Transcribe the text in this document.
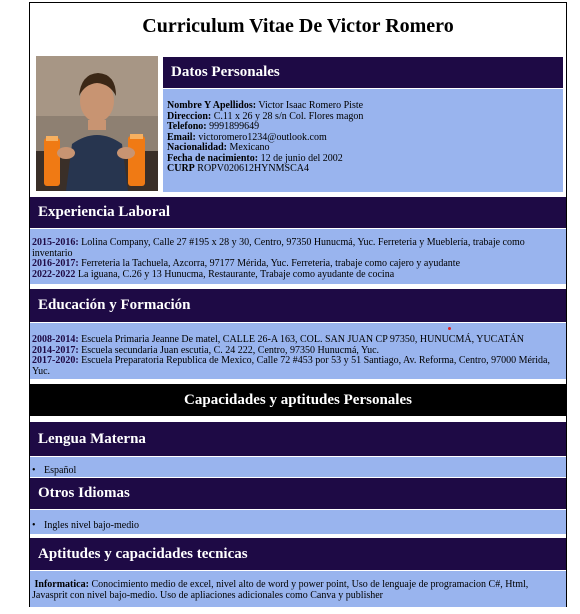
Curriculum Vitae De Victor Romero
Datos Personales
Nombre Y Apellidos: Victor Isaac Romero Piste
Direccion: C.11 x 26 y 28 s/n Col. Flores magon
Telefono: 9991899649
Email: victoromero1234@outlook.com
Nacionalidad: Mexicano
Fecha de nacimiento: 12 de junio del 2002
CURP ROPV020612HYNMSCA4
Experiencia Laboral
2015-2016: Lolina Company, Calle 27 #195 x 28 y 30, Centro, 97350 Hunucmá, Yuc. Ferreteria y Mueblería, trabaje como inventario
2016-2017: Ferreteria la Tachuela, Azcorra, 97177 Mérida, Yuc. Ferreteria, trabaje como cajero y ayudante
2022-2022 La iguana, C.26 y 13 Hunucma, Restaurante, Trabaje como ayudante de cocina
Educación y Formación
2008-2014: Escuela Primaria Jeanne De matel, CALLE 26-A 163, COL. SAN JUAN CP 97350, HUNUCMÁ, YUCATÁN
2014-2017: Escuela secundaria Juan escutia, C. 24 222, Centro, 97350 Hunucmá, Yuc.
2017-2020: Escuela Preparatoria Republica de Mexico, Calle 72 #453 por 53 y 51 Santiago, Av. Reforma, Centro, 97000 Mérida, Yuc.
Capacidades y aptitudes Personales
Lengua Materna
• Español
Otros Idiomas
• Ingles nivel bajo-medio
Aptitudes y capacidades tecnicas
Informatica: Conocimiento medio de excel, nivel alto de word y power point, Uso de lenguaje de programacion C#, Html, Javasprit con nivel bajo-medio. Uso de apliaciones adicionales como Canva y publisher
